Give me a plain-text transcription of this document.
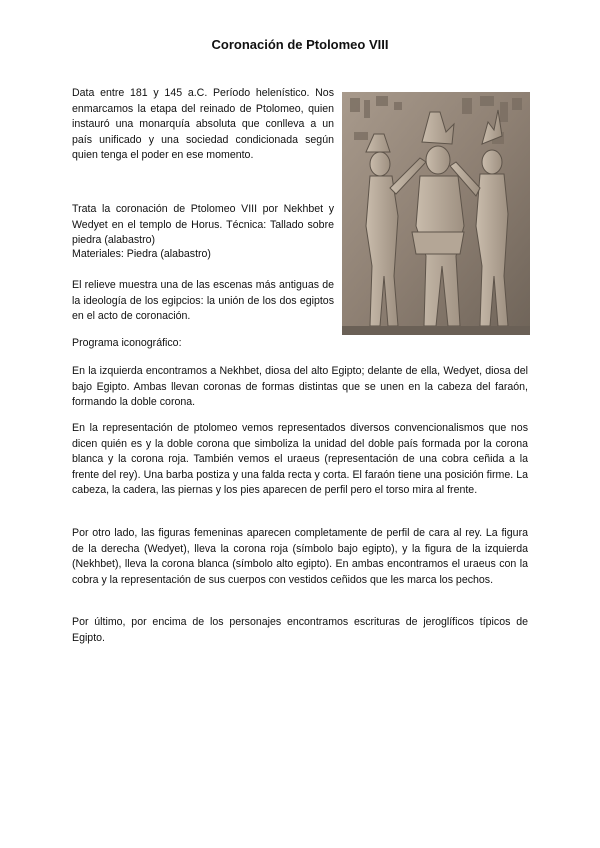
Coronación de Ptolomeo VIII

Data entre 181 y 145 a.C. Período helenístico. Nos enmarcamos la etapa del reinado de Ptolomeo, quien instauró una monarquía absoluta que conlleva a un país unificado y una sociedad condicionada según quien tenga el poder en ese momento.

Trata la coronación de Ptolomeo VIII por Nekhbet y Wedyet en el templo de Horus. Técnica: Tallado sobre piedra (alabastro)

Materiales: Piedra (alabastro)

El relieve muestra una de las escenas más antiguas de la ideología de los egipcios: la unión de los dos egiptos en el acto de coronación.

Programa iconográfico:

En la izquierda encontramos a Nekhbet, diosa del alto Egipto; delante de ella, Wedyet, diosa del bajo Egipto. Ambas llevan coronas de formas distintas que se unen en la cabeza del faraón, formando la doble corona.

En la representación de ptolomeo vemos representados diversos convencionalismos que nos dicen quién es y la doble corona que simboliza la unidad del doble país formada por la corona blanca y la corona roja. También vemos el uraeus (representación de una cobra ceñida a la frente del rey). Una barba postiza y una falda recta y corta. El faraón tiene una posición firme. La cabeza, la cadera, las piernas y los pies aparecen de perfil pero el torso mira al frente.

Por otro lado, las figuras femeninas aparecen completamente de perfil de cara al rey. La figura de la derecha (Wedyet), lleva la corona roja (símbolo bajo egipto), y la figura de la izquierda (Nekhbet), lleva la corona blanca (símbolo alto egipto). En ambas encontramos el uraeus con la cobra y la representación de sus cuerpos con vestidos ceñidos que les marca los pechos.

Por último, por encima de los personajes encontramos escrituras de jeroglíficos típicos de Egipto.
